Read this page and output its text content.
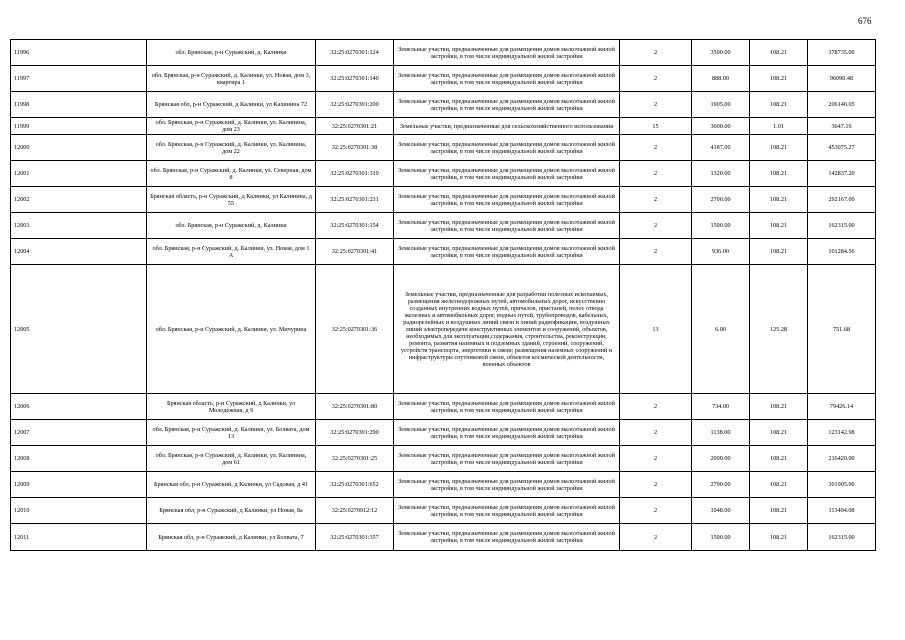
676
11996	обл. Брянская, р-н Суражский, д. Калинки	32:25:0270301:124	Земельные участки, предназначенные для размещения домов малоэтажной жилой застройки, в том числе индивидуальной жилой застройки	2	3500.00	108.21	378735.00
11997	обл. Брянская, р-н Суражский, д. Калинки, ул. Новая, дом 3, квартира 1	32:25:0270301:140	Земельные участки, предназначенные для размещения домов малоэтажной жилой застройки, в том числе индивидуальной жилой застройки	2	888.00	108.21	96090.48
11998	Брянская обл, р-н Суражский, д Калинки, ул Калинина 72	32:25:0270301:200	Земельные участки, предназначенные для размещения домов малоэтажной жилой застройки, в том числе индивидуальной жилой застройки	2	1905.00	108.21	206140.05
11999	обл. Брянская, р-н Суражский, д. Калинки, ул. Калинина, дом 23	32:25:0270301:21	Земельные участки, предназначенные для сельскохозяйственного использования	15	3600.00	1.01	3647.16
12000	обл. Брянская, р-н Суражский, д. Калинки, ул. Калинина, дом 22	32:25:0270301:38	Земельные участки, предназначенные для размещения домов малоэтажной жилой застройки, в том числе индивидуальной жилой застройки	2	4187.00	108.21	453075.27
12001	обл. Брянская, р-н Суражский, д. Калинки, ул. Северная, дом 8	32:25:0270301:319	Земельные участки, предназначенные для размещения домов малоэтажной жилой застройки, в том числе индивидуальной жилой застройки	2	1320.00	108.21	142837.20
12002	Брянская область, р-н Суражский, д Калинки, ул Калинина, д 55	32:25:0270301:231	Земельные участки, предназначенные для размещения домов малоэтажной жилой застройки, в том числе индивидуальной жилой застройки	2	2700.00	108.21	292167.00
12003	обл. Брянская, р-н Суражский, д. Калинки	32:25:0270301:154	Земельные участки, предназначенные для размещения домов малоэтажной жилой застройки, в том числе индивидуальной жилой застройки	2	1500.00	108.21	162315.00
12004	обл. Брянская, р-н Суражский, д. Калинки, ул. Новая, дом 1 А	32:25:0270301:41	Земельные участки, предназначенные для размещения домов малоэтажной жилой застройки, в том числе индивидуальной жилой застройки	2	936.00	108.21	101284.56
12005	обл. Брянская, р-н Суражский, д. Калинки, ул. Мичурина	32:25:0270301:36	Земельные участки, предназначенные для разработки полезных ископаемых, размещения железнодорожных путей, автомобильных дорог, искусственно созданных внутренних водных путей, причалов, пристаней, полос отвода железных и автомобильных дорог, водных путей, трубопроводов, кабельных, радиорелейных и воздушных линий связи и линий радиофикации, воздушных линий электропередачи конструктивных элементов и сооружений, объектов, необходимых для эксплуатации,содержания, строительства, реконструкции, ремонта, развития наземных и подземных зданий, строений, сооружений, устройств транспорта, энергетики и связи; размещения наземных сооружений и инфраструктуры спутниковой связи, объектов космической деятельности, военных объектов	13	6.00	125.28	751.68
12006	Брянская область, р-н Суражский, д Калинки, ул Молодежная, д 9	32:25:0270301:80	Земельные участки, предназначенные для размещения домов малоэтажной жилой застройки, в том числе индивидуальной жилой застройки	2	734.00	108.21	79426.14
12007	обл. Брянская, р-н Суражский, д. Калинки, ул. Болвата, дом 13	32:25:0270301:290	Земельные участки, предназначенные для размещения домов малоэтажной жилой застройки, в том числе индивидуальной жилой застройки	2	1138.00	108.21	123142.98
12008	обл. Брянская, р-н Суражский, д. Калинки, ул. Калинина, дом 61	32:25:0270301:25	Земельные участки, предназначенные для размещения домов малоэтажной жилой застройки, в том числе индивидуальной жилой застройки	2	2000.00	108.21	216420.00
12009	Брянская обл, р-н Суражский, д Калинки, ул Садовая, д 41	32:25:0270301:652	Земельные участки, предназначенные для размещения домов малоэтажной жилой застройки, в том числе индивидуальной жилой застройки	2	2790.00	108.21	301905.90
12010	Брянская обл, р-н Суражский, д Калинки, ул Новая, 8а	32:25:0270912:12	Земельные участки, предназначенные для размещения домов малоэтажной жилой застройки, в том числе индивидуальной жилой застройки	2	1048.00	108.21	113404.08
12011	Брянская обл, р-н Суражский, д Калинки, ул Болвата, 7	32:25:0270301:357	Земельные участки, предназначенные для размещения домов малоэтажной жилой застройки, в том числе индивидуальной жилой застройки	2	1500.00	108.21	162315.00
